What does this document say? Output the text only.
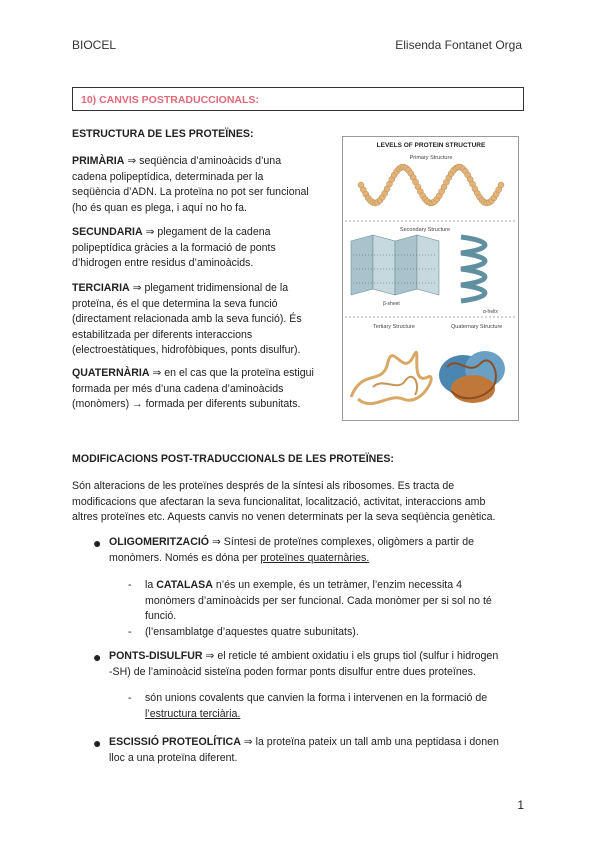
BIOCEL	Elisenda Fontanet Orga
10) CANVIS POSTRADUCCIONALS:
ESTRUCTURA DE LES PROTEÏNES:
PRIMÀRIA ⇒ seqüència d’aminoàcids d’una
cadena polipeptídica, determinada per la
seqüència d’ADN. La proteïna no pot ser funcional
(ho és quan es plega, i aquí no ho fa.
SECUNDARIA ⇒ plegament de la cadena
polipeptídica gràcies a la formació de ponts
d’hidrogen entre residus d’aminoàcids.
TERCIARIA ⇒ plegament tridimensional de la
proteïna, és el que determina la seva funció
(directament relacionada amb la seva funció). És
estabilitzada per diferents interaccions
(electroestàtiques, hidrofòbiques, ponts disulfur).
QUATERNÀRIA ⇒ en el cas que la proteïna estigui
formada per més d’una cadena d’aminoàcids
(monòmers) → formada per diferents subunitats.
LEVELS OF PROTEIN STRUCTURE
Primary Structure
Secondary Structure
β-sheet
α-helix
Tertiary Structure	Quaternary Structure
MODIFICACIONS POST-TRADUCCIONALS DE LES PROTEÏNES:
Són alteracions de les proteïnes després de la síntesi als ribosomes. Es tracta de
modificacions que afectaran la seva funcionalitat, localització, activitat, interaccions amb
altres proteïnes etc. Aquests canvis no venen determinats per la seva seqüència genètica.
● OLIGOMERITZACIÓ ⇒ Síntesi de proteïnes complexes, oligòmers a partir de
monòmers. Només es dóna per proteïnes quaternàries.
- la CATALASA n’és un exemple, és un tetràmer, l’enzim necessita 4
monòmers d’aminoàcids per ser funcional. Cada monòmer per si sol no té
funció.
- (l’ensamblatge d’aquestes quatre subunitats).
● PONTS-DISULFUR ⇒ el reticle té ambient oxidatiu i els grups tiol (sulfur i hidrogen
-SH) de l’aminoàcid sisteïna poden formar ponts disulfur entre dues proteïnes.
- són unions covalents que canvien la forma i intervenen en la formació de
l’estructura terciària.
● ESCISSIÓ PROTEOLÍTICA ⇒ la proteïna pateix un tall amb una peptidasa i donen
lloc a una proteïna diferent.
1
